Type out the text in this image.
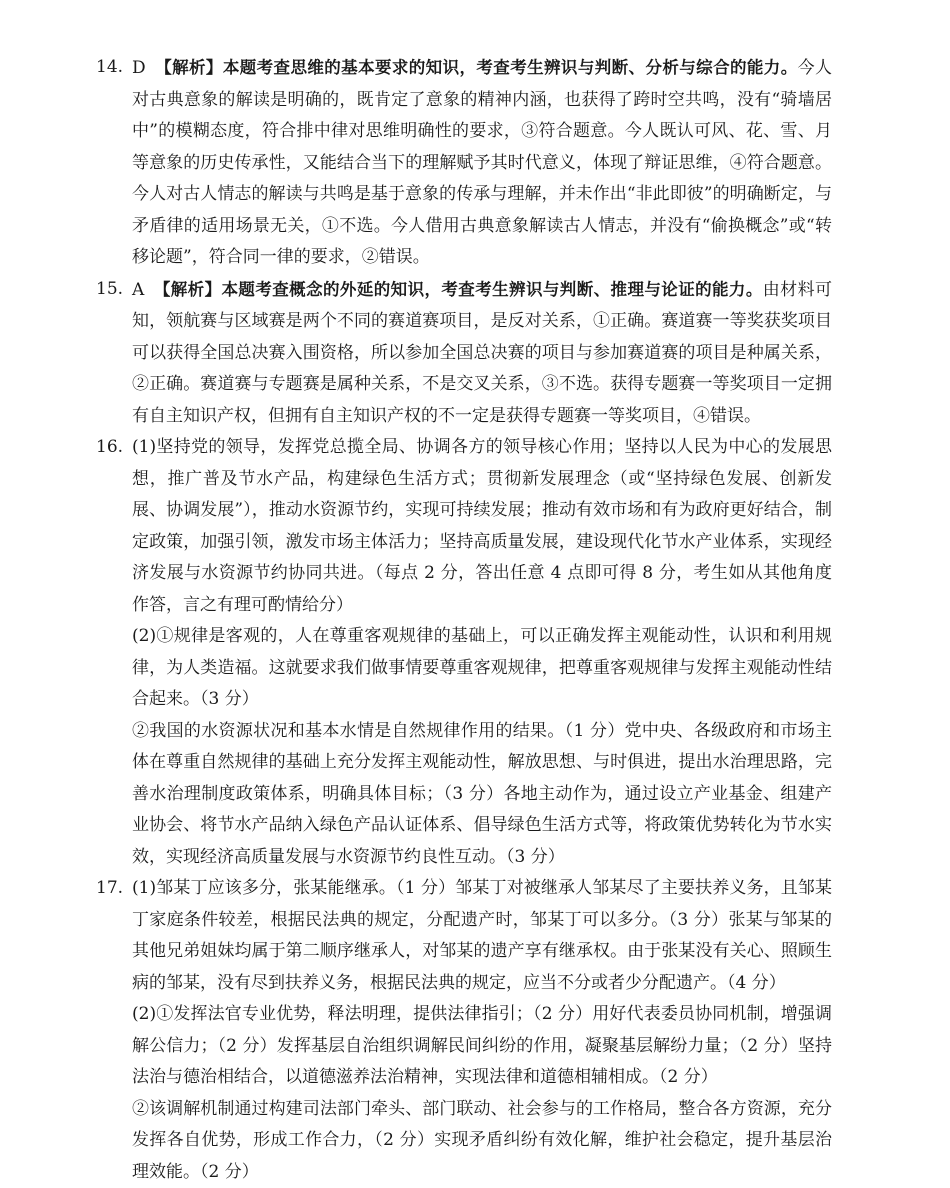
14. D　 【解析】本题考查思维的基本要求的知识，考查考生辨识与判断、分析与综合的能力。今人对古典意象的解读是明确的，既肯定了意象的精神内涵，也获得了跨时空共鸣，没有“骑墙居中”的模糊态度，符合排中律对思维明确性的要求，③符合题意。今人既认可风、花、雪、月等意象的历史传承性，又能结合当下的理解赋予其时代意义，体现了辩证思维，④符合题意。今人对古人情志的解读与共鸣是基于意象的传承与理解，并未作出“非此即彼”的明确断定，与矛盾律的适用场景无关，①不选。今人借用古典意象解读古人情志，并没有“偷换概念”或“转移论题”，符合同一律的要求，②错误。

15. A　 【解析】本题考查概念的外延的知识，考查考生辨识与判断、推理与论证的能力。由材料可知，领航赛与区域赛是两个不同的赛道赛项目，是反对关系，①正确。赛道赛一等奖获奖项目可以获得全国总决赛入围资格，所以参加全国总决赛的项目与参加赛道赛的项目是种属关系，②正确。赛道赛与专题赛是属种关系，不是交叉关系，③不选。获得专题赛一等奖项目一定拥有自主知识产权，但拥有自主知识产权的不一定是获得专题赛一等奖项目，④错误。

16. (1)坚持党的领导，发挥党总揽全局、协调各方的领导核心作用；坚持以人民为中心的发展思想，推广普及节水产品，构建绿色生活方式；贯彻新发展理念（或“坚持绿色发展、创新发展、协调发展”），推动水资源节约，实现可持续发展；推动有效市场和有为政府更好结合，制定政策，加强引领，激发市场主体活力；坚持高质量发展，建设现代化节水产业体系，实现经济发展与水资源节约协同共进。（每点 2 分，答出任意 4 点即可得 8 分，考生如从其他角度作答，言之有理可酌情给分）

(2)①规律是客观的，人在尊重客观规律的基础上，可以正确发挥主观能动性，认识和利用规律，为人类造福。这就要求我们做事情要尊重客观规律，把尊重客观规律与发挥主观能动性结合起来。（3 分）

②我国的水资源状况和基本水情是自然规律作用的结果。（1 分）党中央、各级政府和市场主体在尊重自然规律的基础上充分发挥主观能动性，解放思想、与时俱进，提出水治理思路，完善水治理制度政策体系，明确具体目标；（3 分）各地主动作为，通过设立产业基金、组建产业协会、将节水产品纳入绿色产品认证体系、倡导绿色生活方式等，将政策优势转化为节水实效，实现经济高质量发展与水资源节约良性互动。（3 分）

17. (1)邹某丁应该多分，张某能继承。（1 分）邹某丁对被继承人邹某尽了主要扶养义务，且邹某丁家庭条件较差，根据民法典的规定，分配遗产时，邹某丁可以多分。（3 分）张某与邹某的其他兄弟姐妹均属于第二顺序继承人，对邹某的遗产享有继承权。由于张某没有关心、照顾生病的邹某，没有尽到扶养义务，根据民法典的规定，应当不分或者少分配遗产。（4 分）

(2)①发挥法官专业优势，释法明理，提供法律指引；（2 分）用好代表委员协同机制，增强调解公信力；（2 分）发挥基层自治组织调解民间纠纷的作用，凝聚基层解纷力量；（2 分）坚持法治与德治相结合，以道德滋养法治精神，实现法律和道德相辅相成。（2 分）

②该调解机制通过构建司法部门牵头、部门联动、社会参与的工作格局，整合各方资源，充分发挥各自优势，形成工作合力，（2 分）实现矛盾纠纷有效化解，维护社会稳定，提升基层治理效能。（2 分）
